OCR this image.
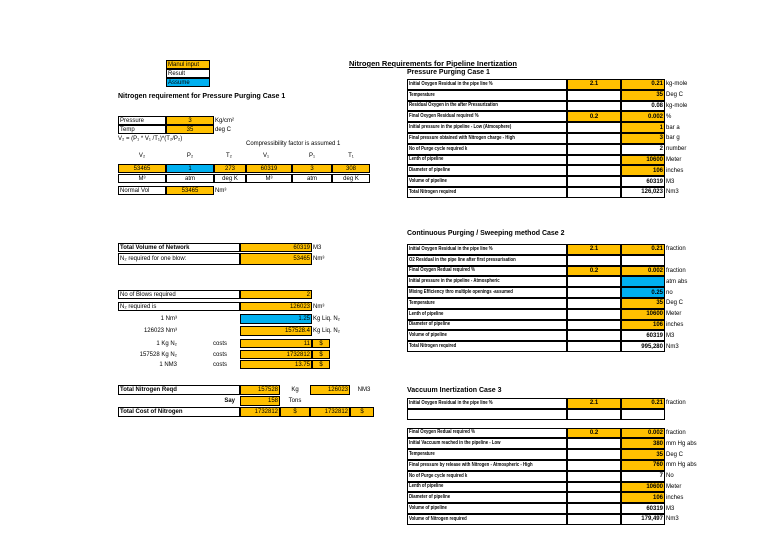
Manul input
Result
Assume
Nitrogen Requirements for Pipeline Inertization
Nitrogen requirement for Pressure Purging Case 1
Pressure	3	Kg/cm²
Temp	35	deg C
V₂ = (P₁ * V₁ /T₁)*(T₂/P₂)
Compressibility factor is assumed 1
V₂	P₂	T₂	V₁	P₁	T₁
53465	1	273	60319	3	308
M³	atm	deg K	M³	atm	deg K
Normal Vol	53465	Nm³
Total Volume of Network	60319 M3
N₂ required for one blow:	53465 Nm³
No of Blows required	2
N₂ required is	126023 Nm³
1 Nm³	1.25 Kg Liq. N₂
126023 Nm³	157528.4 Kg Liq. N₂
1 Kg N₂	costs	11	$
157528 Kg N₂	costs	1732812	$
1 NM3	costs	13.75	$
Total Nitrogen Reqd	157528	Kg	126023	NM3
Say	158	Tons
Total Cost of Nitrogen	1732812	$	1732812	$
Pressure Purging Case 1
Initial Oxygen Residual in the pipe line %	2.1	0.21 kg-mole
Temperature	35 Deg C
Residual Oxygen in the after Pressurization	0.08 kg-mole
Final Oxygen Residual required %	0.2	0.002 %
Initial pressure in the pipeline - Low (Atmosphere)	1 bar a
Final pressure obtained with Nitrogen charge - High	3 bar g
No of Purge cycle required k	2 number
Lenth of pipeline	10600 Meter
Diameter of pipeline	106 inches
Volume of pipeline	60319 M3
Total Nitrogen required	126,023 Nm3
Continuous Purging / Sweeping method Case 2
Initial Oxygen Residual in the pipe line %	2.1	0.21 fraction
O2 Residual in the pipe line after first pressurisation
Final Oxygen Redual required %	0.2	0.002 fraction
Initial pressure in the pipeline - Atmospheric	atm abs
Mixing Efficiency thro multiple openings -assumed	0.25 no
Temperature	35 Deg C
Lenth of pipeline	10600 Meter
Diameter of pipeline	106 inches
Volume of pipeline	60319 M3
Total Nitrogen required	995,280 Nm3
Vaccuum Inertization Case 3
Initial Oxygen Residual in the pipe line %	2.1	0.21 fraction
Final Oxygen Redual required %	0.2	0.002 fraction
Initial Vaccuum reached in the pipeline - Low	380 mm Hg abs
Temperature	35 Deg C
Final pressure by release with Nitrogen - Atmospheric - High	760 mm Hg abs
No of Purge cycle required k	7 No
Lenth of pipeline	10600 Meter
Diameter of pipeline	106 inches
Volume of pipeline	60319 M3
Volume of Nitrogen required	179,497 Nm3
